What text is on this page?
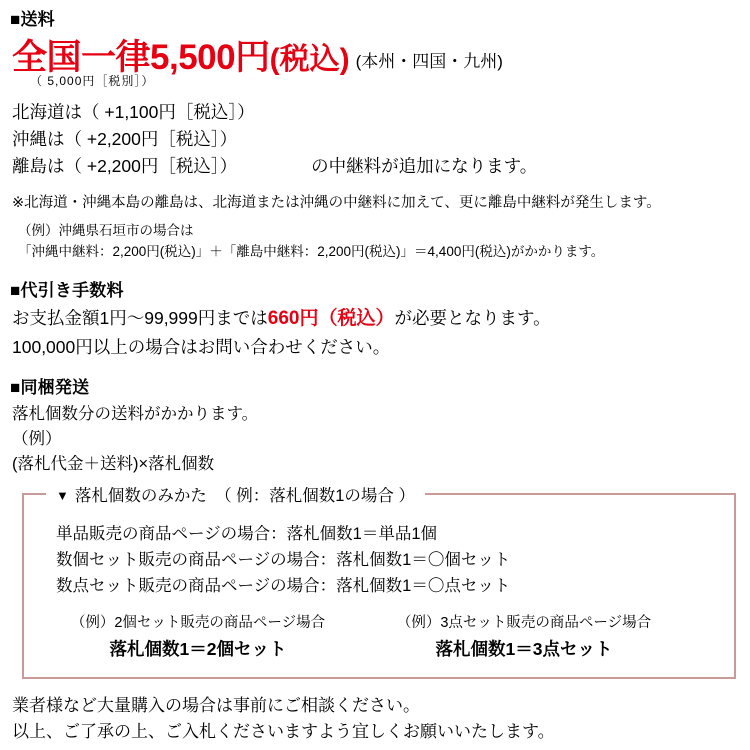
■送料
全国一律5,500円 (税込) (本州・四国・九州)
（ 5,000円［税別］）
北海道は（ +1,100円［税込］）
沖縄は（ +2,200円［税込］）
離島は（ +2,200円［税込］）	の中継料が追加になります。
※北海道・沖縄本島の離島は、北海道または沖縄の中継料に加えて、更に離島中継料が発生します。
（例）沖縄県石垣市の場合は
「沖縄中継料：2,200円(税込)」＋「離島中継料：2,200円(税込)」＝4,400円(税込)がかかります。
■代引き手数料
お支払金額1円～99,999円までは660円（税込）が必要となります。
100,000円以上の場合はお問い合わせください。
■同梱発送
落札個数分の送料がかかります。
（例）
(落札代金＋送料)×落札個数
▼ 落札個数のみかた　（ 例：落札個数1の場合 ）
単品販売の商品ページの場合：落札個数1＝単品1個
数個セット販売の商品ページの場合：落札個数1＝〇個セット
数点セット販売の商品ページの場合：落札個数1＝〇点セット
（例）2個セット販売の商品ページ場合
落札個数1＝2個セット
（例）3点セット販売の商品ページ場合
落札個数1＝3点セット
業者様など大量購入の場合は事前にご相談ください。
以上、ご了承の上、ご入札くださいますよう宜しくお願いいたします。
